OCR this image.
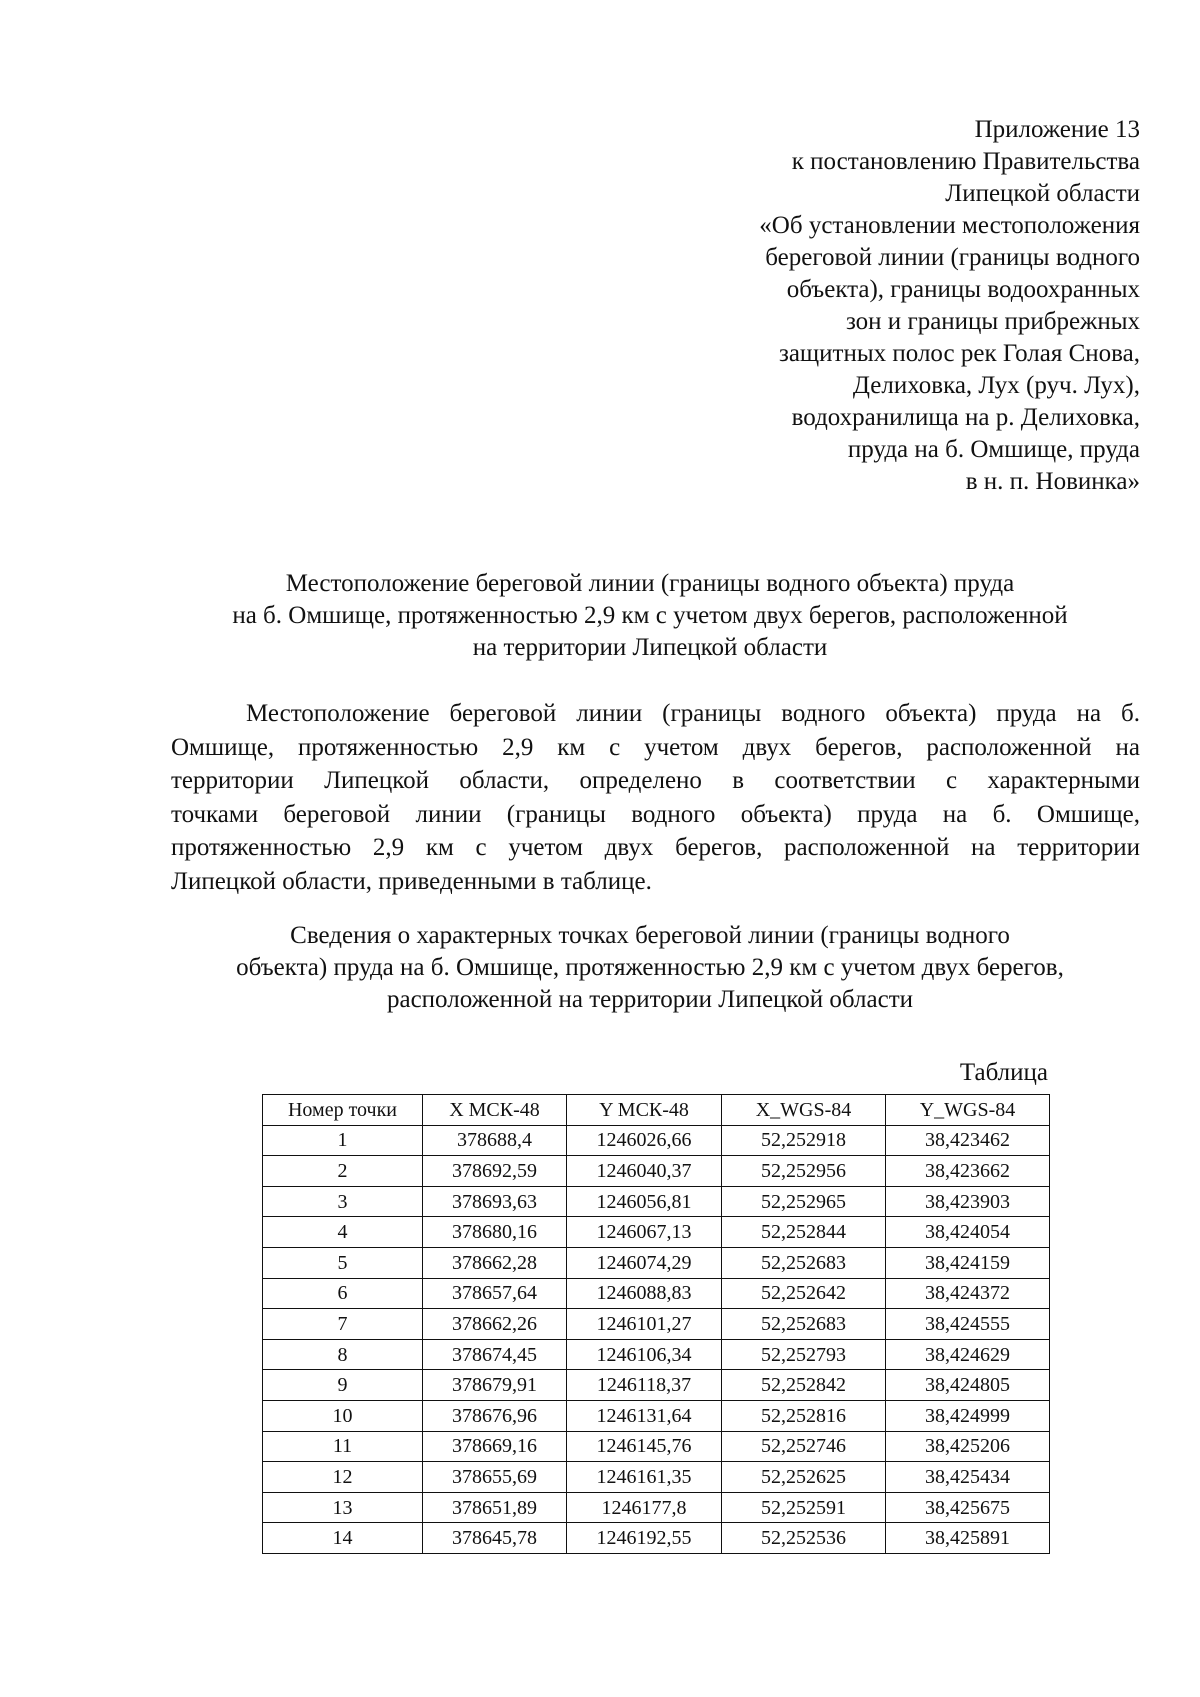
Приложение 13
к постановлению Правительства
Липецкой области
«Об установлении местоположения
береговой линии (границы водного
объекта), границы водоохранных
зон и границы прибрежных
защитных полос рек Голая Снова,
Делиховка, Лух (руч. Лух),
водохранилища на р. Делиховка,
пруда на б. Омшище, пруда
в н. п. Новинка»
Местоположение береговой линии (границы водного объекта) пруда
на б. Омшище, протяженностью 2,9 км с учетом двух берегов, расположенной
на территории Липецкой области
Местоположение береговой линии (границы водного объекта) пруда на б.
Омшище, протяженностью 2,9 км с учетом двух берегов, расположенной на
территории Липецкой области, определено в соответствии с характерными
точками береговой линии (границы водного объекта) пруда на б. Омшище,
протяженностью 2,9 км с учетом двух берегов, расположенной на территории
Липецкой области, приведенными в таблице.
Сведения о характерных точках береговой линии (границы водного
объекта) пруда на б. Омшище, протяженностью 2,9 км с учетом двух берегов,
расположенной на территории Липецкой области
Таблица
Номер точки	X МСК-48	Y МСК-48	X_WGS-84	Y_WGS-84
1	378688,4	1246026,66	52,252918	38,423462
2	378692,59	1246040,37	52,252956	38,423662
3	378693,63	1246056,81	52,252965	38,423903
4	378680,16	1246067,13	52,252844	38,424054
5	378662,28	1246074,29	52,252683	38,424159
6	378657,64	1246088,83	52,252642	38,424372
7	378662,26	1246101,27	52,252683	38,424555
8	378674,45	1246106,34	52,252793	38,424629
9	378679,91	1246118,37	52,252842	38,424805
10	378676,96	1246131,64	52,252816	38,424999
11	378669,16	1246145,76	52,252746	38,425206
12	378655,69	1246161,35	52,252625	38,425434
13	378651,89	1246177,8	52,252591	38,425675
14	378645,78	1246192,55	52,252536	38,425891
